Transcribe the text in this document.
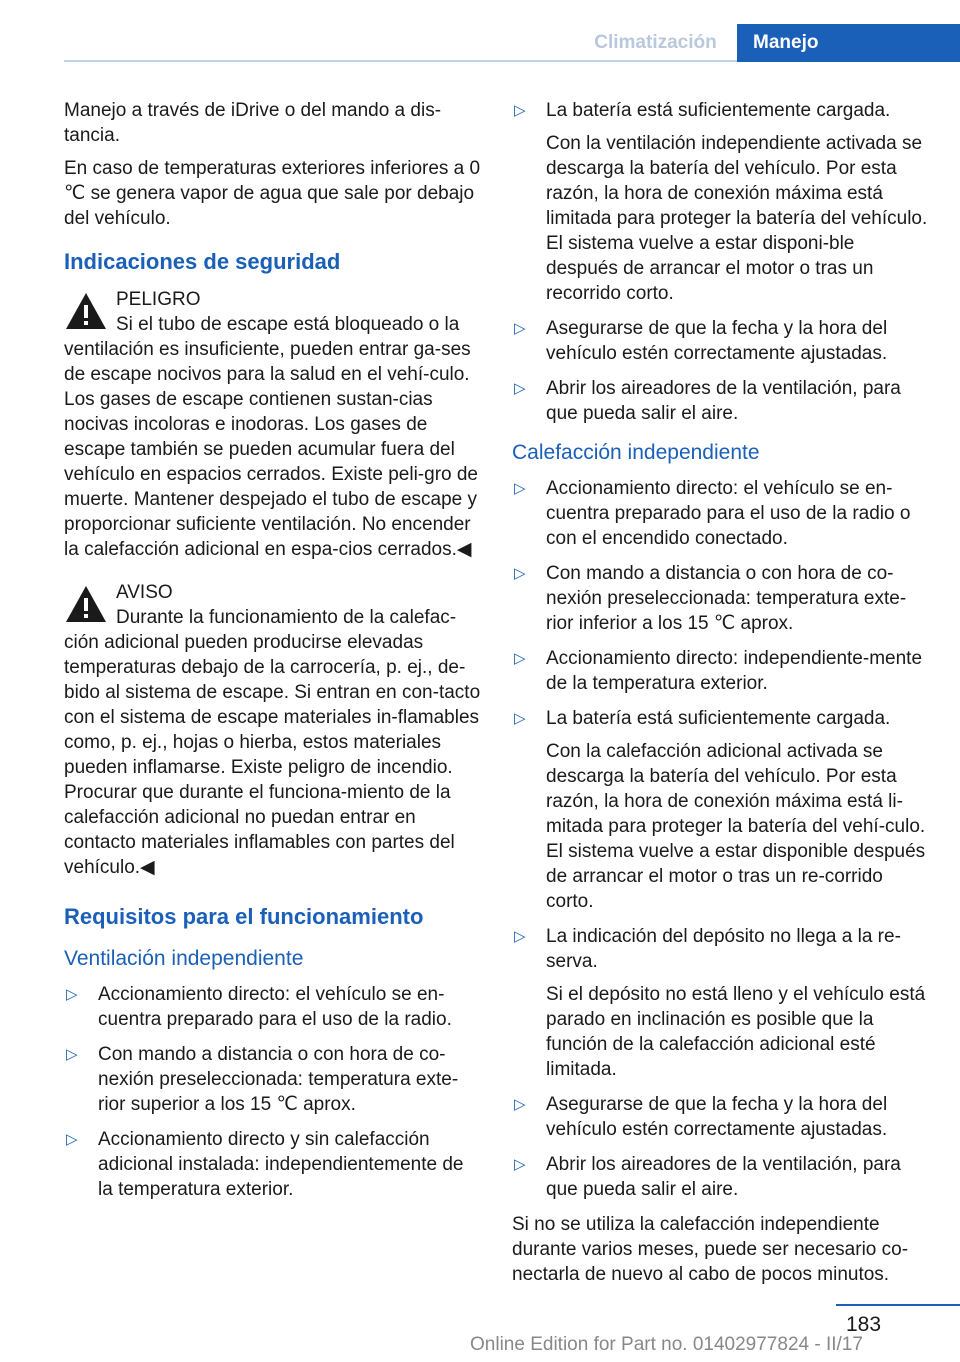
Climatización	Manejo

Manejo a través de iDrive o del mando a dis-tancia.

En caso de temperaturas exteriores inferiores a 0 ℃ se genera vapor de agua que sale por debajo del vehículo.

Indicaciones de seguridad

PELIGRO

Si el tubo de escape está bloqueado o la ventilación es insuficiente, pueden entrar ga-ses de escape nocivos para la salud en el vehí-culo. Los gases de escape contienen sustan-cias nocivas incoloras e inodoras. Los gases de escape también se pueden acumular fuera del vehículo en espacios cerrados. Existe peli-gro de muerte. Mantener despejado el tubo de escape y proporcionar suficiente ventilación. No encender la calefacción adicional en espa-cios cerrados.◀

AVISO

Durante la funcionamiento de la calefac-ción adicional pueden producirse elevadas temperaturas debajo de la carrocería, p. ej., de-bido al sistema de escape. Si entran en con-tacto con el sistema de escape materiales in-flamables como, p. ej., hojas o hierba, estos materiales pueden inflamarse. Existe peligro de incendio. Procurar que durante el funciona-miento de la calefacción adicional no puedan entrar en contacto materiales inflamables con partes del vehículo.◀

Requisitos para el funcionamiento
Ventilación independiente
▷ Accionamiento directo: el vehículo se en-cuentra preparado para el uso de la radio.

▷ Con mando a distancia o con hora de co-nexión preseleccionada: temperatura exte-rior superior a los 15 ℃ aprox.

▷ Accionamiento directo y sin calefacción adicional instalada: independientemente de la temperatura exterior.

▷ La batería está suficientemente cargada.

Con la ventilación independiente activada se descarga la batería del vehículo. Por esta razón, la hora de conexión máxima está limitada para proteger la batería del vehículo. El sistema vuelve a estar disponi-ble después de arrancar el motor o tras un recorrido corto.

▷ Asegurarse de que la fecha y la hora del vehículo estén correctamente ajustadas.

▷ Abrir los aireadores de la ventilación, para que pueda salir el aire.

Calefacción independiente
▷ Accionamiento directo: el vehículo se en-cuentra preparado para el uso de la radio o con el encendido conectado.

▷ Con mando a distancia o con hora de co-nexión preseleccionada: temperatura exte-rior inferior a los 15 ℃ aprox.

▷ Accionamiento directo: independiente-mente de la temperatura exterior.

▷ La batería está suficientemente cargada.

Con la calefacción adicional activada se descarga la batería del vehículo. Por esta razón, la hora de conexión máxima está li-mitada para proteger la batería del vehí-culo. El sistema vuelve a estar disponible después de arrancar el motor o tras un re-corrido corto.

▷ La indicación del depósito no llega a la re-serva.

Si el depósito no está lleno y el vehículo está parado en inclinación es posible que la función de la calefacción adicional esté limitada.

▷ Asegurarse de que la fecha y la hora del vehículo estén correctamente ajustadas.

▷ Abrir los aireadores de la ventilación, para que pueda salir el aire.

Si no se utiliza la calefacción independiente durante varios meses, puede ser necesario co-nectarla de nuevo al cabo de pocos minutos.

183
Online Edition for Part no. 01402977824 - II/17
